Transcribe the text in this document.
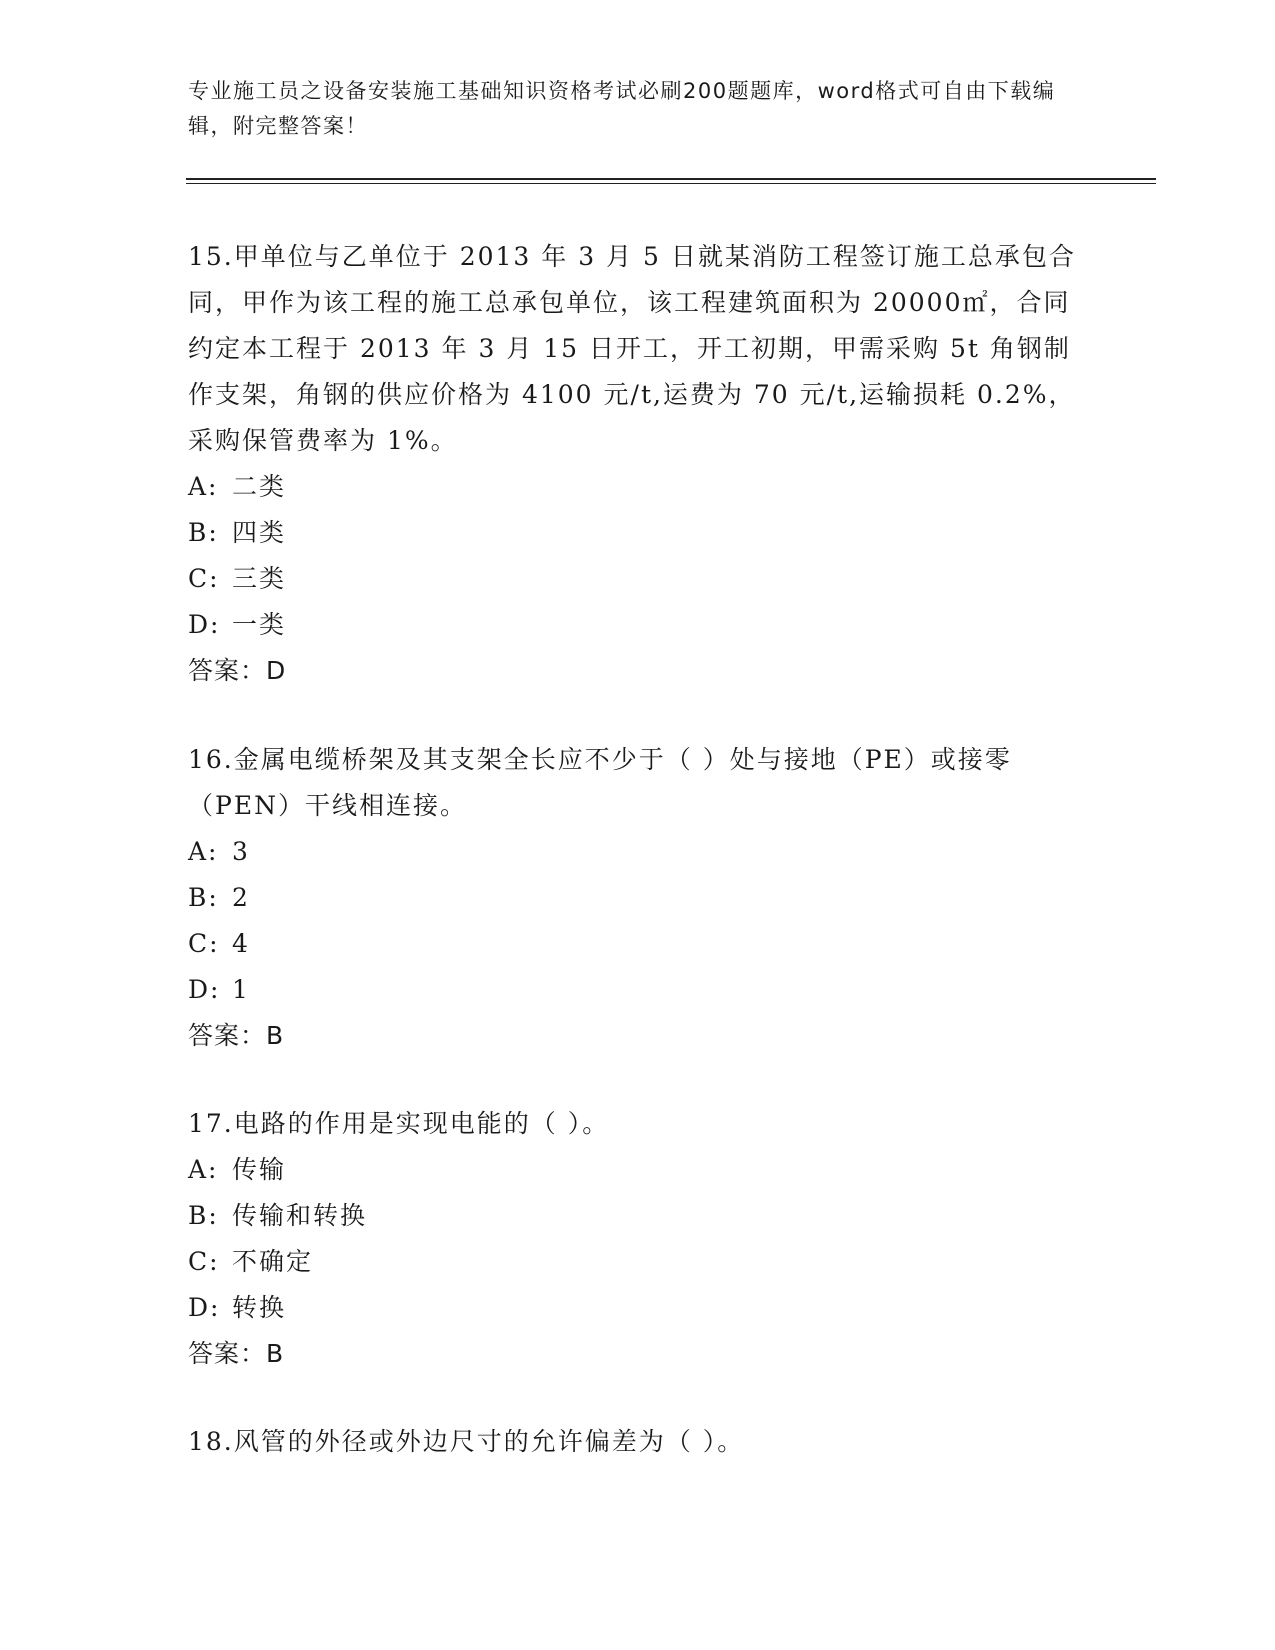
专业施工员之设备安装施工基础知识资格考试必刷200题题库，word格式可自由下载编辑，附完整答案！

15.甲单位与乙单位于 2013 年 3 月 5 日就某消防工程签订施工总承包合同，甲作为该工程的施工总承包单位，该工程建筑面积为 20000㎡，合同约定本工程于 2013 年 3 月 15 日开工，开工初期，甲需采购 5t 角钢制作支架，角钢的供应价格为 4100 元/t,运费为 70 元/t,运输损耗 0.2%，采购保管费率为 1%。

A: 二类

B: 四类

C: 三类

D: 一类

答案：D

16.金属电缆桥架及其支架全长应不少于（ ）处与接地（PE）或接零（PEN）干线相连接。

A: 3

B: 2

C: 4

D: 1

答案：B

17.电路的作用是实现电能的（ ）。

A: 传输

B: 传输和转换

C: 不确定

D: 转换

答案：B

18.风管的外径或外边尺寸的允许偏差为（ ）。
